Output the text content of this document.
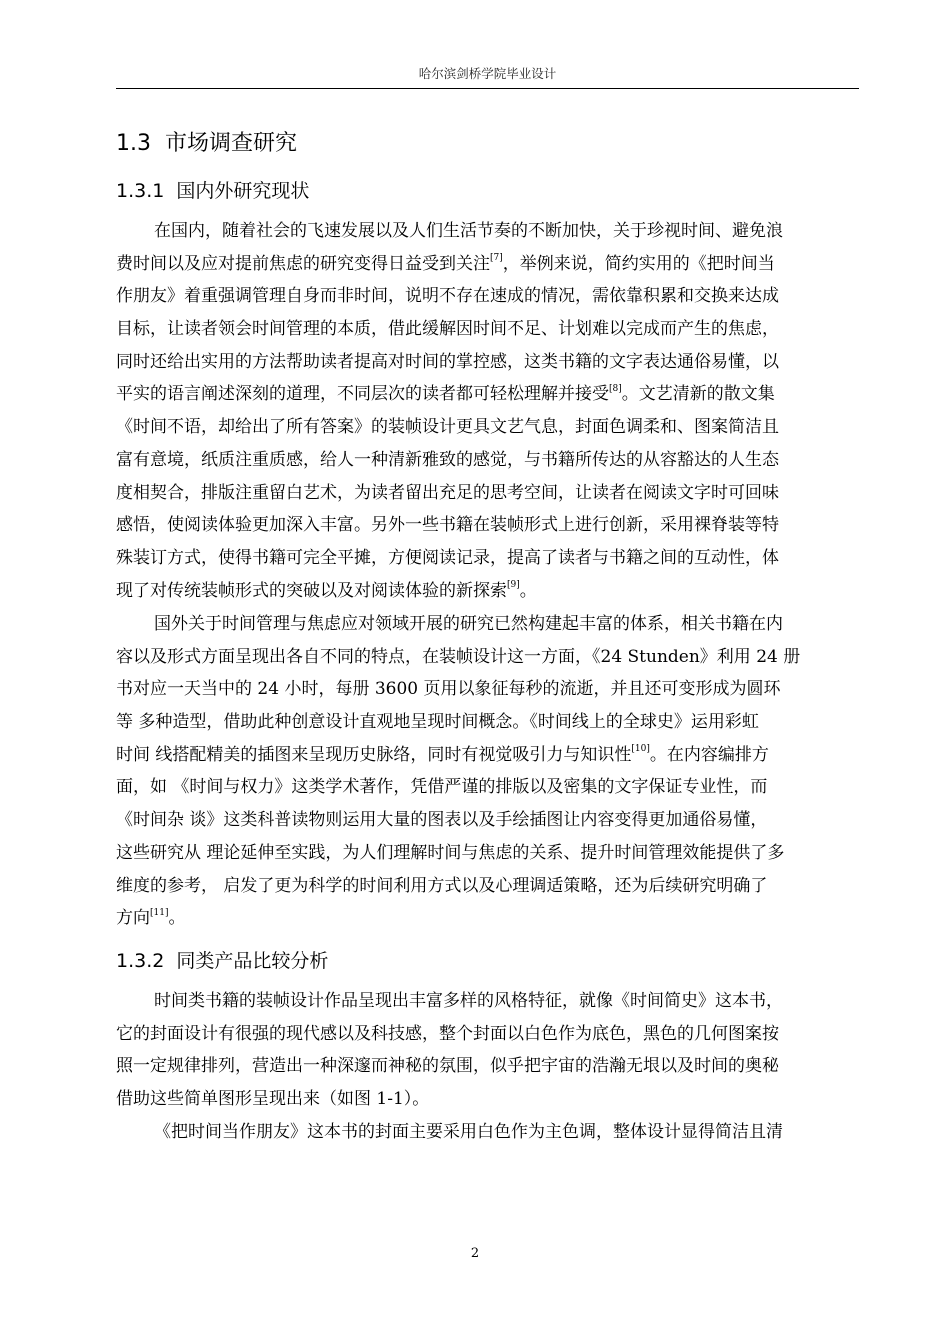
哈尔滨剑桥学院毕业设计
1.3  市场调查研究
1.3.1  国内外研究现状
在国内，随着社会的飞速发展以及人们生活节奏的不断加快，关于珍视时间、避免浪
费时间以及应对提前焦虑的研究变得日益受到关注[7]，举例来说，简约实用的《把时间当
作朋友》着重强调管理自身而非时间，说明不存在速成的情况，需依靠积累和交换来达成
目标，让读者领会时间管理的本质，借此缓解因时间不足、计划难以完成而产生的焦虑，
同时还给出实用的方法帮助读者提高对时间的掌控感，这类书籍的文字表达通俗易懂，以
平实的语言阐述深刻的道理，不同层次的读者都可轻松理解并接受[8]。文艺清新的散文集
《时间不语，却给出了所有答案》的装帧设计更具文艺气息，封面色调柔和、图案简洁且
富有意境，纸质注重质感，给人一种清新雅致的感觉，与书籍所传达的从容豁达的人生态
度相契合，排版注重留白艺术，为读者留出充足的思考空间，让读者在阅读文字时可回味
感悟，使阅读体验更加深入丰富。另外一些书籍在装帧形式上进行创新，采用裸脊装等特
殊装订方式，使得书籍可完全平摊，方便阅读记录，提高了读者与书籍之间的互动性，体
现了对传统装帧形式的突破以及对阅读体验的新探索[9]。
国外关于时间管理与焦虑应对领域开展的研究已然构建起丰富的体系，相关书籍在内
容以及形式方面呈现出各自不同的特点，在装帧设计这一方面，《24 Stunden》利用 24 册
书对应一天当中的 24 小时，每册 3600 页用以象征每秒的流逝，并且还可变形成为圆环
等 多种造型，借助此种创意设计直观地呈现时间概念。《时间线上的全球史》运用彩虹
时间 线搭配精美的插图来呈现历史脉络，同时有视觉吸引力与知识性[10]。在内容编排方
面，如 《时间与权力》这类学术著作，凭借严谨的排版以及密集的文字保证专业性，而
《时间杂 谈》这类科普读物则运用大量的图表以及手绘插图让内容变得更加通俗易懂，
这些研究从 理论延伸至实践，为人们理解时间与焦虑的关系、提升时间管理效能提供了多
维度的参考， 启发了更为科学的时间利用方式以及心理调适策略，还为后续研究明确了
方向[11]。
1.3.2  同类产品比较分析
时间类书籍的装帧设计作品呈现出丰富多样的风格特征，就像《时间简史》这本书，
它的封面设计有很强的现代感以及科技感，整个封面以白色作为底色，黑色的几何图案按
照一定规律排列，营造出一种深邃而神秘的氛围，似乎把宇宙的浩瀚无垠以及时间的奥秘
借助这些简单图形呈现出来（如图 1-1）。
《把时间当作朋友》这本书的封面主要采用白色作为主色调，整体设计显得简洁且清
2
